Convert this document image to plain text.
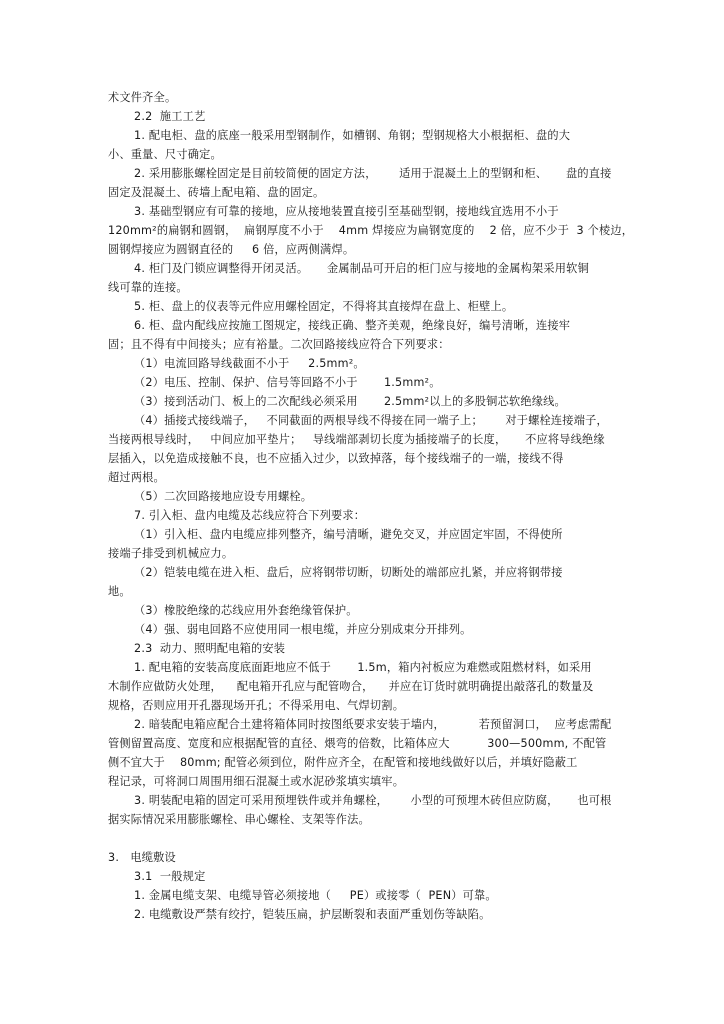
术文件齐全。
2.2  施工工艺
1. 配电柜、盘的底座一般采用型钢制作，如槽钢、角钢；型钢规格大小根据柜、盘的大
小、重量、尺寸确定。
2. 采用膨胀螺栓固定是目前较简便的固定方法，      适用于混凝土上的型钢和柜、     盘的直接
固定及混凝土、砖墙上配电箱、盘的固定。
3. 基础型钢应有可靠的接地，应从接地装置直接引至基础型钢，接地线宜选用不小于
120mm²的扁钢和圆钢，  扁钢厚度不小于    4mm 焊接应为扁钢宽度的    2 倍，应不少于  3 个棱边，
圆钢焊接应为圆钢直径的     6 倍，应两侧满焊。
4. 柜门及门锁应调整得开闭灵活。     金属制品可开启的柜门应与接地的金属构架采用软铜
线可靠的连接。
5. 柜、盘上的仪表等元件应用螺栓固定，不得将其直接焊在盘上、柜壁上。
6. 柜、盘内配线应按施工图规定，接线正确、整齐美观，绝缘良好，编号清晰，连接牢
固；且不得有中间接头；应有裕量。二次回路接线应符合下列要求：
（1）电流回路导线截面不小于     2.5mm²。
（2）电压、控制、保护、信号等回路不小于       1.5mm²。
（3）接到活动门、板上的二次配线必须采用       2.5mm²以上的多股铜芯软绝缘线。
（4）插接式接线端子，   不同截面的两根导线不得接在同一端子上；      对于螺栓连接端子，
当接两根导线时，   中间应加平垫片；   导线端部剥切长度为插接端子的长度，     不应将导线绝缘
层插入，以免造成接触不良，也不应插入过少，以致掉落，每个接线端子的一端，接线不得
超过两根。
（5）二次回路接地应设专用螺栓。
7. 引入柜、盘内电缆及芯线应符合下列要求：
（1）引入柜、盘内电缆应排列整齐，编号清晰，避免交叉，并应固定牢固，不得使所
接端子排受到机械应力。
（2）铠装电缆在进入柜、盘后，应将钢带切断，切断处的端部应扎紧，并应将钢带接
地。
（3）橡胶绝缘的芯线应用外套绝缘管保护。
（4）强、弱电回路不应使用同一根电缆，并应分别成束分开排列。
2.3  动力、照明配电箱的安装
1. 配电箱的安装高度底面距地应不低于       1.5m，箱内衬板应为难燃或阻燃材料，如采用
木制作应做防火处理，    配电箱开孔应与配管吻合，    并应在订货时就明确提出敲落孔的数量及
规格，否则应用开孔器现场开孔；不得采用电、气焊切割。
2. 暗装配电箱应配合土建将箱体同时按图纸要求安装于墙内，         若预留洞口，  应考虑需配
管侧留置高度、宽度和应根据配管的直径、煨弯的倍数，比箱体应大          300—500mm, 不配管
侧不宜大于    80mm; 配管必须到位，附件应齐全，在配管和接地线做好以后，并填好隐蔽工
程记录，可将洞口周围用细石混凝土或水泥砂浆填实填牢。
3. 明装配电箱的固定可采用预埋铁件或并角螺栓，      小型的可预埋木砖但应防腐，     也可根
据实际情况采用膨胀螺栓、串心螺栓、支架等作法。
3.   电缆敷设
3.1  一般规定
1. 金属电缆支架、电缆导管必须接地（     PE）或接零（  PEN）可靠。
2. 电缆敷设严禁有绞拧，铠装压扁，护层断裂和表面严重划伤等缺陷。
